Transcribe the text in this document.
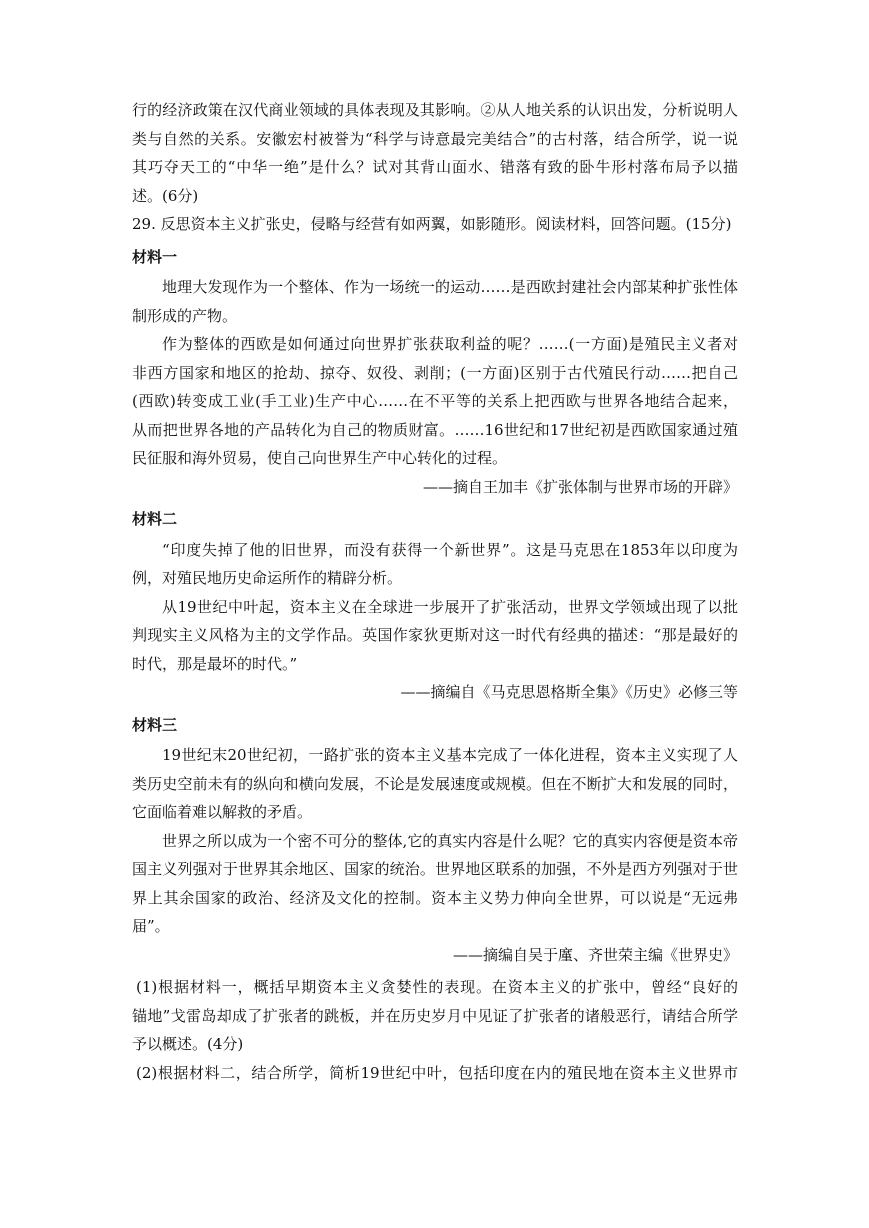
行的经济政策在汉代商业领域的具体表现及其影响。②从人地关系的认识出发，分析说明人
类与自然的关系。安徽宏村被誉为“科学与诗意最完美结合”的古村落，结合所学，说一说
其巧夺天工的“中华一绝”是什么？试对其背山面水、错落有致的卧牛形村落布局予以描
述。(6分)
29. 反思资本主义扩张史，侵略与经营有如两翼，如影随形。阅读材料，回答问题。(15分)
材料一
地理大发现作为一个整体、作为一场统一的运动……是西欧封建社会内部某种扩张性体
制形成的产物。
作为整体的西欧是如何通过向世界扩张获取利益的呢？……(一方面)是殖民主义者对
非西方国家和地区的抢劫、掠夺、奴役、剥削；(一方面)区别于古代殖民行动……把自己
(西欧)转变成工业(手工业)生产中心……在不平等的关系上把西欧与世界各地结合起来，
从而把世界各地的产品转化为自己的物质财富。……16世纪和17世纪初是西欧国家通过殖
民征服和海外贸易，使自己向世界生产中心转化的过程。
——摘自王加丰《扩张体制与世界市场的开辟》
材料二
“印度失掉了他的旧世界，而没有获得一个新世界”。这是马克思在1853年以印度为
例，对殖民地历史命运所作的精辟分析。
从19世纪中叶起，资本主义在全球进一步展开了扩张活动，世界文学领域出现了以批
判现实主义风格为主的文学作品。英国作家狄更斯对这一时代有经典的描述：“那是最好的
时代，那是最坏的时代。”
——摘编自《马克思恩格斯全集》《历史》必修三等
材料三
19世纪末20世纪初，一路扩张的资本主义基本完成了一体化进程，资本主义实现了人
类历史空前未有的纵向和横向发展，不论是发展速度或规模。但在不断扩大和发展的同时，
它面临着难以解救的矛盾。
世界之所以成为一个密不可分的整体,它的真实内容是什么呢？它的真实内容便是资本帝
国主义列强对于世界其余地区、国家的统治。世界地区联系的加强，不外是西方列强对于世
界上其余国家的政治、经济及文化的控制。资本主义势力伸向全世界，可以说是“无远弗
届”。
——摘编自吴于廑、齐世荣主编《世界史》
(1)根据材料一，概括早期资本主义贪婪性的表现。在资本主义的扩张中，曾经“良好的
锚地”戈雷岛却成了扩张者的跳板，并在历史岁月中见证了扩张者的诸般恶行，请结合所学
予以概述。(4分)
(2)根据材料二，结合所学，简析19世纪中叶，包括印度在内的殖民地在资本主义世界市
